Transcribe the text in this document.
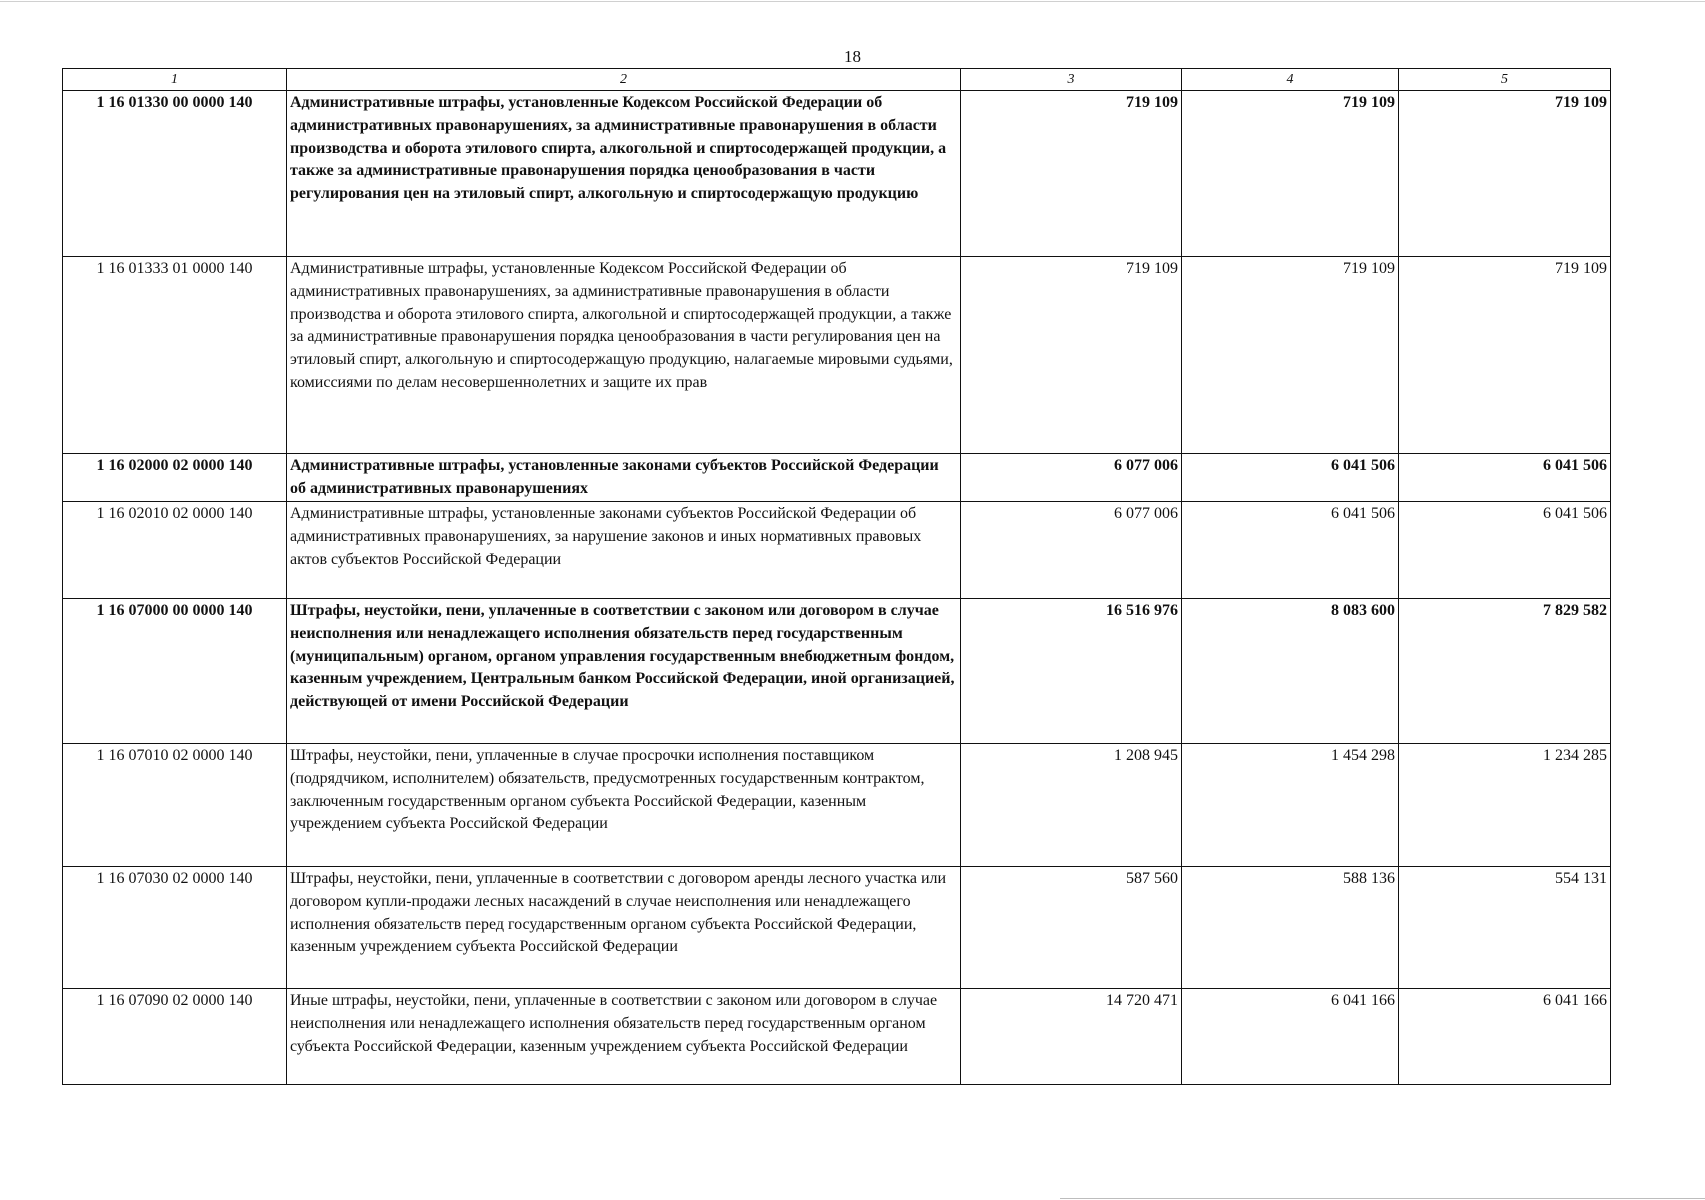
18
1	2	3	4	5
1 16 01330 00 0000 140	Административные штрафы, установленные Кодексом Российской Федерации об административных правонарушениях, за административные правонарушения в области производства и оборота этилового спирта, алкогольной и спиртосодержащей продукции, а также за административные правонарушения порядка ценообразования в части регулирования цен на этиловый спирт, алкогольную и спиртосодержащую продукцию	719 109	719 109	719 109
1 16 01333 01 0000 140	Административные штрафы, установленные Кодексом Российской Федерации об административных правонарушениях, за административные правонарушения в области производства и оборота этилового спирта, алкогольной и спиртосодержащей продукции, а также за административные правонарушения порядка ценообразования в части регулирования цен на этиловый спирт, алкогольную и спиртосодержащую продукцию, налагаемые мировыми судьями, комиссиями по делам несовершеннолетних и защите их прав	719 109	719 109	719 109
1 16 02000 02 0000 140	Административные штрафы, установленные законами субъектов Российской Федерации об административных правонарушениях	6 077 006	6 041 506	6 041 506
1 16 02010 02 0000 140	Административные штрафы, установленные законами субъектов Российской Федерации об административных правонарушениях, за нарушение законов и иных нормативных правовых актов субъектов Российской Федерации	6 077 006	6 041 506	6 041 506
1 16 07000 00 0000 140	Штрафы, неустойки, пени, уплаченные в соответствии с законом или договором в случае неисполнения или ненадлежащего исполнения обязательств перед государственным (муниципальным) органом, органом управления государственным внебюджетным фондом, казенным учреждением, Центральным банком Российской Федерации, иной организацией, действующей от имени Российской Федерации	16 516 976	8 083 600	7 829 582
1 16 07010 02 0000 140	Штрафы, неустойки, пени, уплаченные в случае просрочки исполнения поставщиком (подрядчиком, исполнителем) обязательств, предусмотренных государственным контрактом, заключенным государственным органом субъекта Российской Федерации, казенным учреждением субъекта Российской Федерации	1 208 945	1 454 298	1 234 285
1 16 07030 02 0000 140	Штрафы, неустойки, пени, уплаченные в соответствии с договором аренды лесного участка или договором купли-продажи лесных насаждений в случае неисполнения или ненадлежащего исполнения обязательств перед государственным органом субъекта Российской Федерации, казенным учреждением субъекта Российской Федерации	587 560	588 136	554 131
1 16 07090 02 0000 140	Иные штрафы, неустойки, пени, уплаченные в соответствии с законом или договором в случае неисполнения или ненадлежащего исполнения обязательств перед государственным органом субъекта Российской Федерации, казенным учреждением субъекта Российской Федерации	14 720 471	6 041 166	6 041 166
